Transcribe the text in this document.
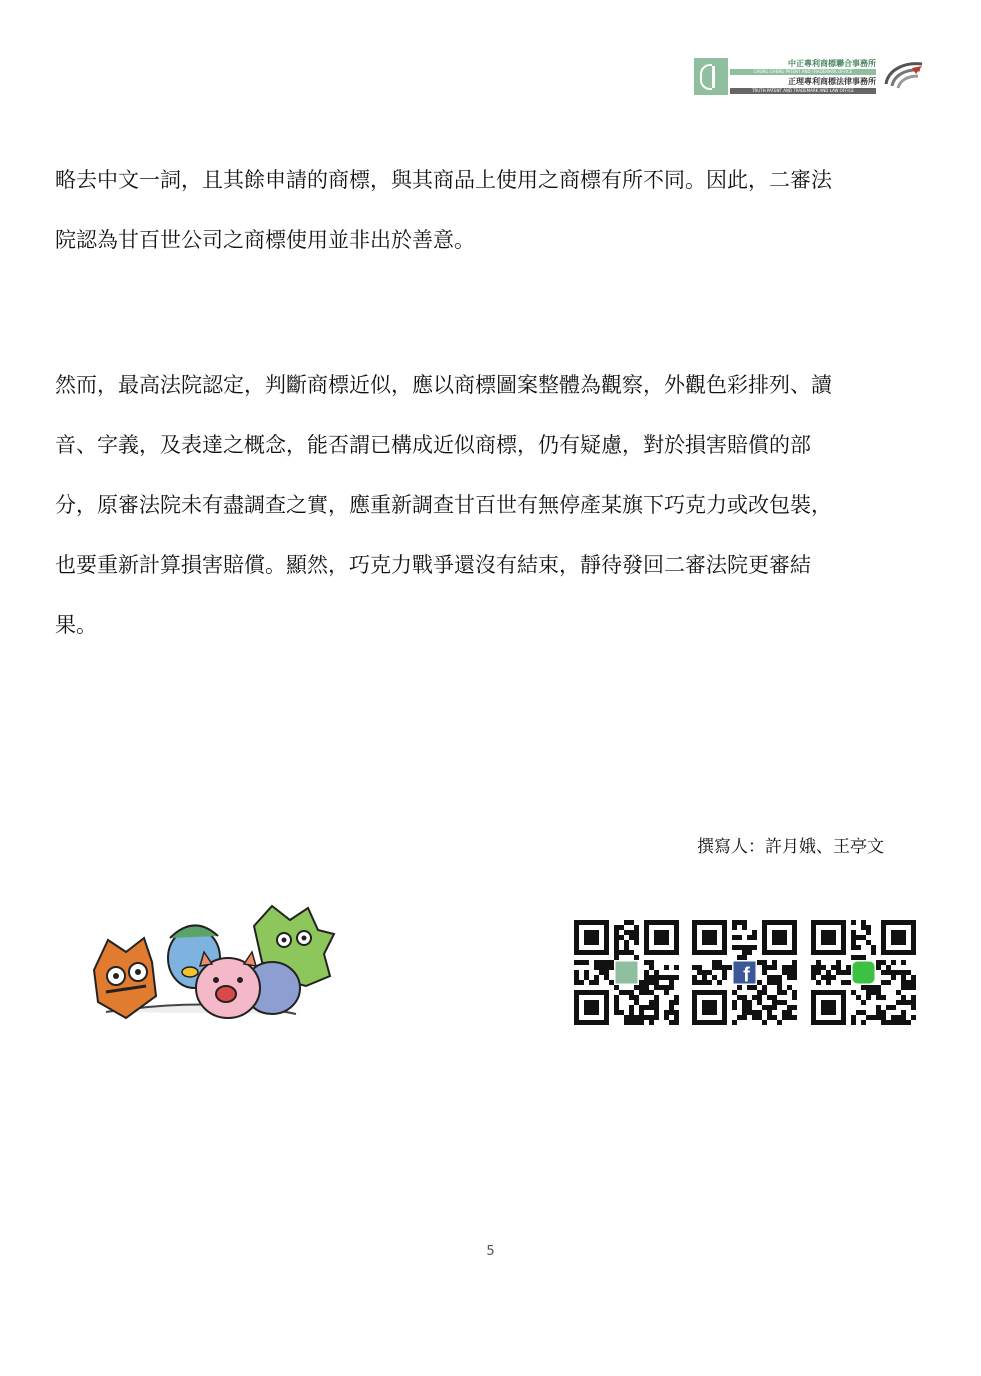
中正專利商標聯合事務所
CHUNG CHENG PATENT AND TRADEMARK OFFICE
正理專利商標法律事務所
TRUTH PATENT AND TRADEMARK AND LAW OFFICE
略去中文一詞，且其餘申請的商標，與其商品上使用之商標有所不同。因此，二審法
院認為甘百世公司之商標使用並非出於善意。
然而，最高法院認定，判斷商標近似，應以商標圖案整體為觀察，外觀色彩排列、讀
音、字義，及表達之概念，能否謂已構成近似商標，仍有疑慮，對於損害賠償的部
分，原審法院未有盡調查之實，應重新調查甘百世有無停產某旗下巧克力或改包裝，
也要重新計算損害賠償。顯然，巧克力戰爭還沒有結束，靜待發回二審法院更審結
果。
撰寫人：許月娥、王亭文
f
5
